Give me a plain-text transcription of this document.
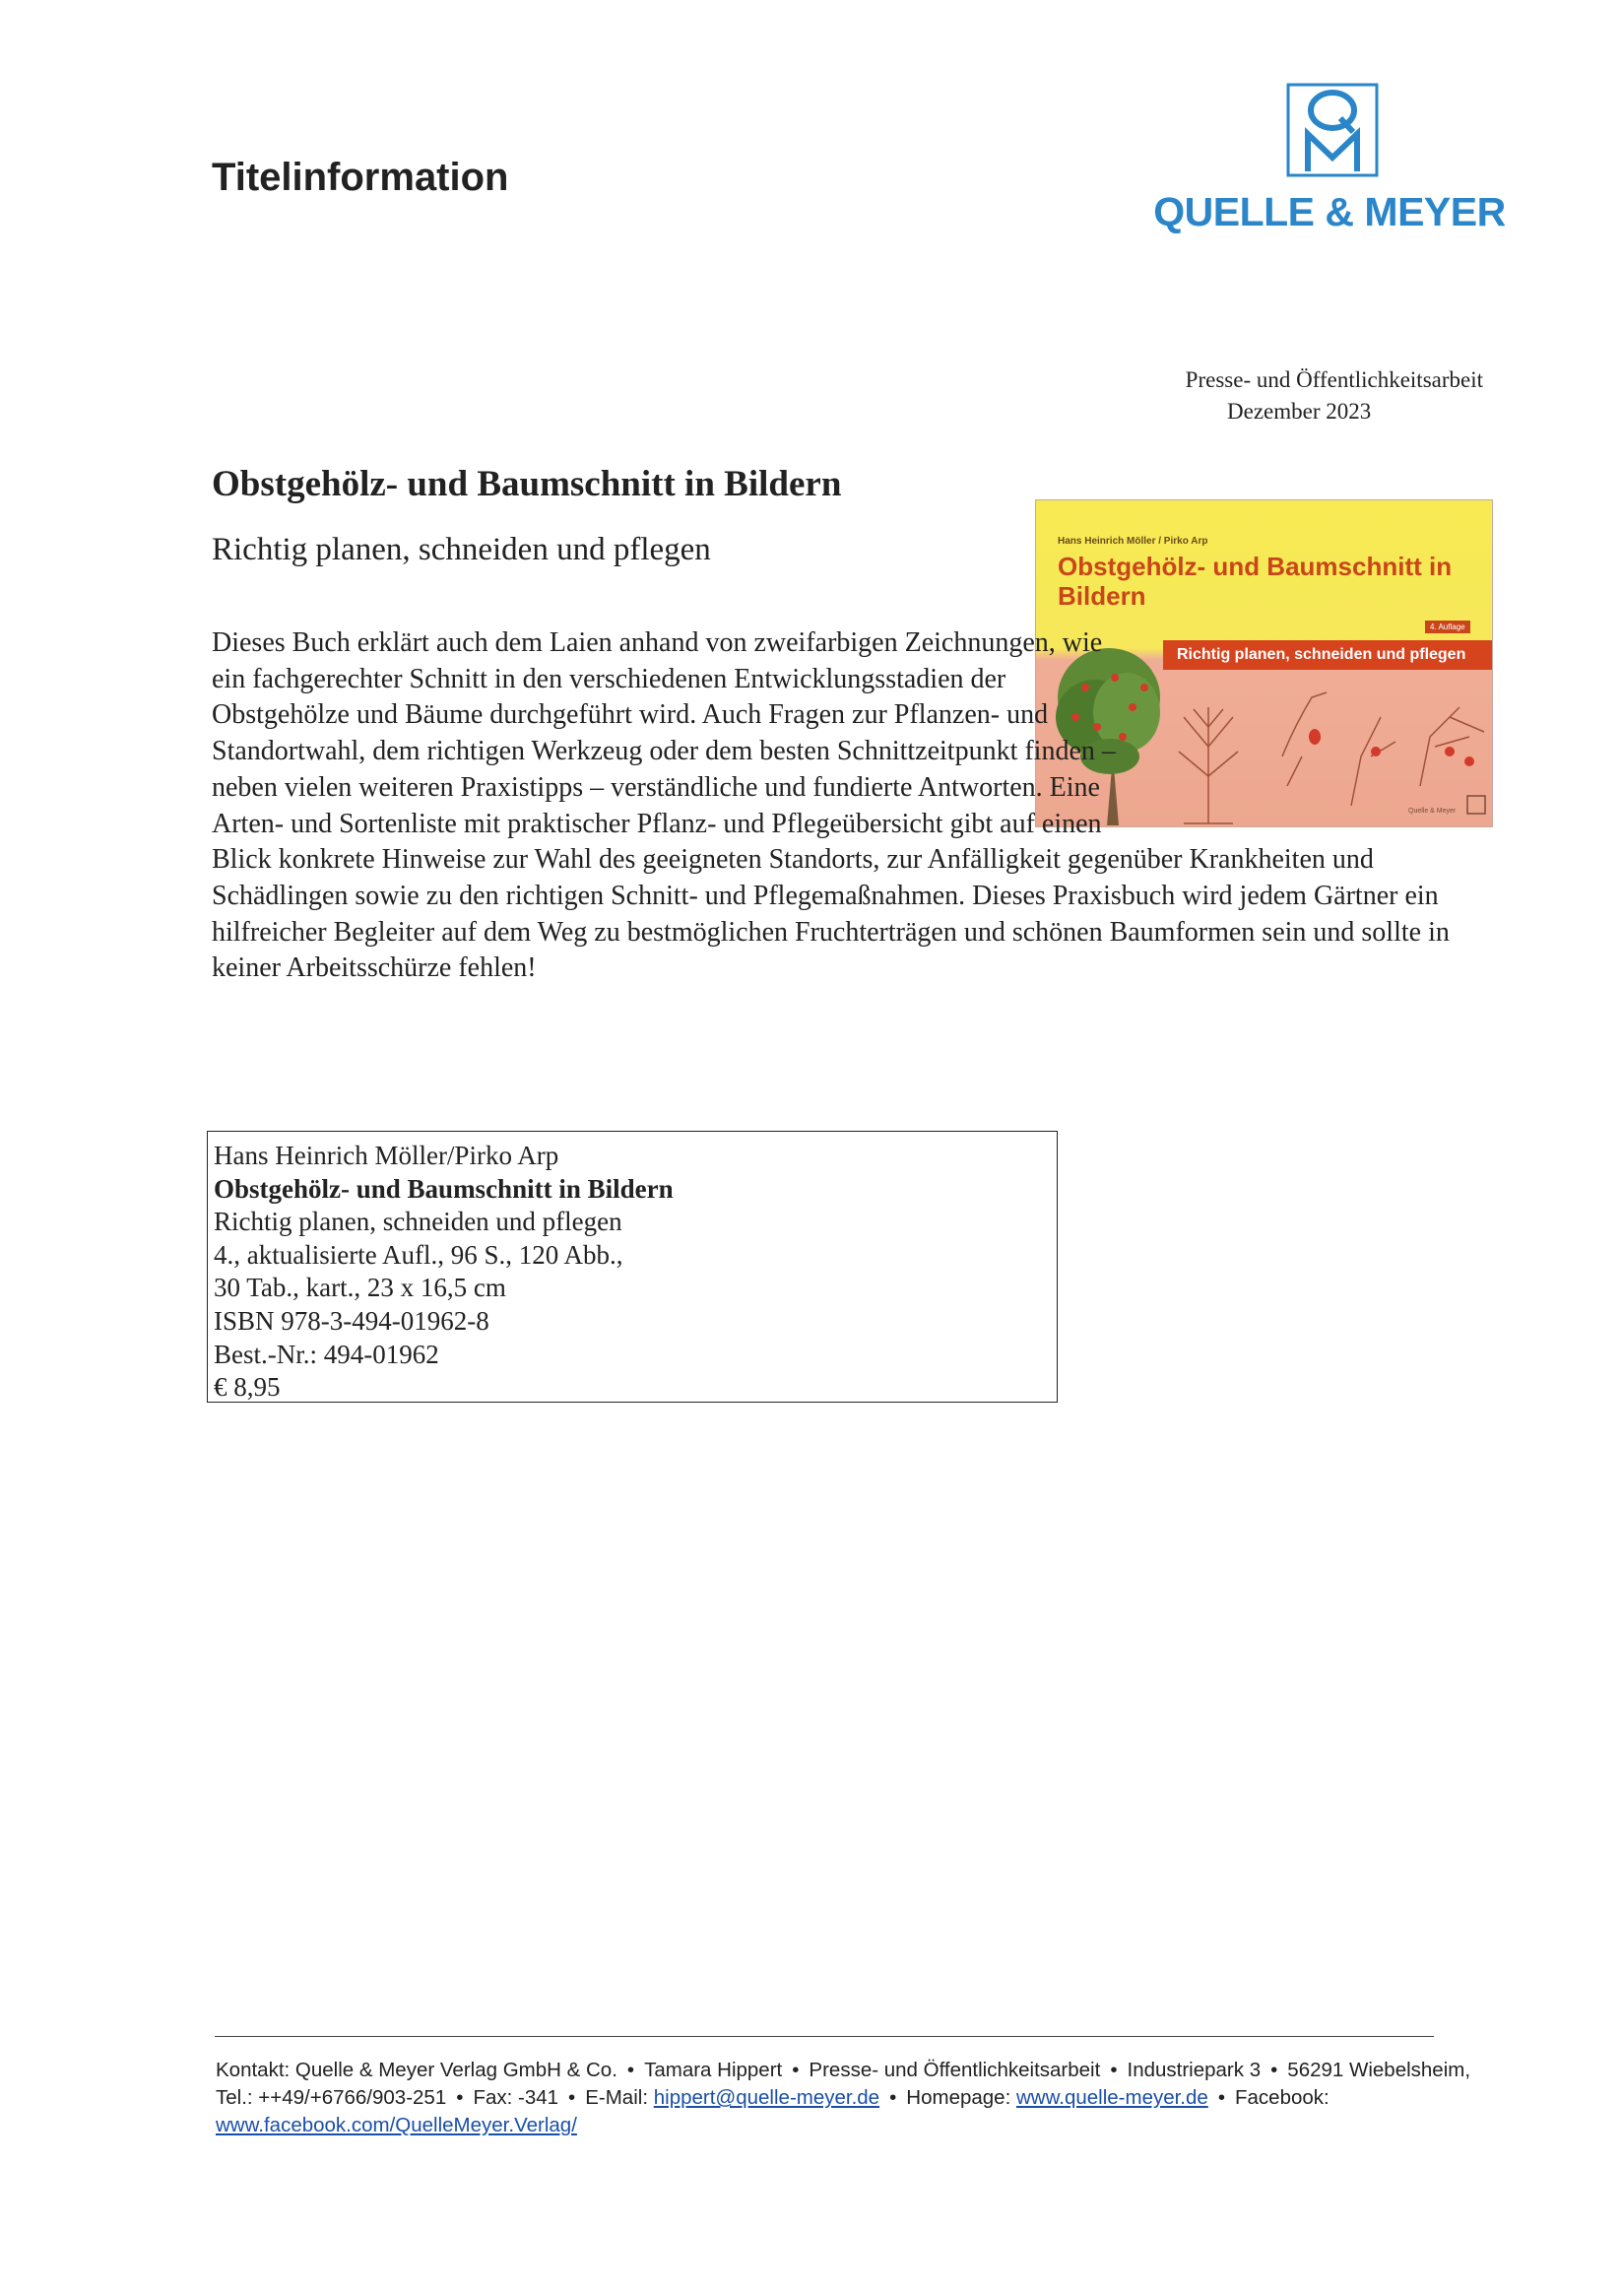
Titelinformation
QUELLE & MEYER
Presse- und Öffentlichkeitsarbeit
Dezember 2023
Obstgehölz- und Baumschnitt in Bildern
Richtig planen, schneiden und pflegen	Hans Heinrich Möller / Pirko Arp
Obstgehölz- und Baumschnitt in Bildern
4. Auflage
Richtig planen, schneiden und pflegen
Quelle & Meyer

Dieses Buch erklärt auch dem Laien anhand von zweifarbigen Zeichnungen, wie ein fachgerechter Schnitt in den verschiedenen Entwicklungsstadien der Obstgehölze und Bäume durchgeführt wird. Auch Fragen zur Pflanzen- und Standortwahl, dem richtigen Werkzeug oder dem besten Schnittzeitpunkt finden – neben vielen weiteren Praxistipps – verständliche und fundierte Antworten. Eine Arten- und Sortenliste mit praktischer Pflanz- und Pflegeübersicht gibt auf einen Blick konkrete Hinweise zur Wahl des geeigneten Standorts, zur Anfälligkeit gegenüber Krankheiten und Schädlingen sowie zu den richtigen Schnitt- und Pflegemaßnahmen. Dieses Praxisbuch wird jedem Gärtner ein hilfreicher Begleiter auf dem Weg zu bestmöglichen Fruchterträgen und schönen Baumformen sein und sollte in keiner Arbeitsschürze fehlen!

Hans Heinrich Möller/Pirko Arp
Obstgehölz- und Baumschnitt in Bildern
Richtig planen, schneiden und pflegen
4., aktualisierte Aufl., 96 S., 120 Abb.,
30 Tab., kart., 23 x 16,5 cm
ISBN 978-3-494-01962-8
Best.-Nr.: 494-01962
€ 8,95
Kontakt: Quelle & Meyer Verlag GmbH & Co. • Tamara Hippert • Presse- und Öffentlichkeitsarbeit • Industriepark 3 • 56291 Wiebelsheim,
Tel.: ++49/+6766/903-251 • Fax: -341 • E-Mail: hippert@quelle-meyer.de • Homepage: www.quelle-meyer.de • Facebook:
www.facebook.com/QuelleMeyer.Verlag/
